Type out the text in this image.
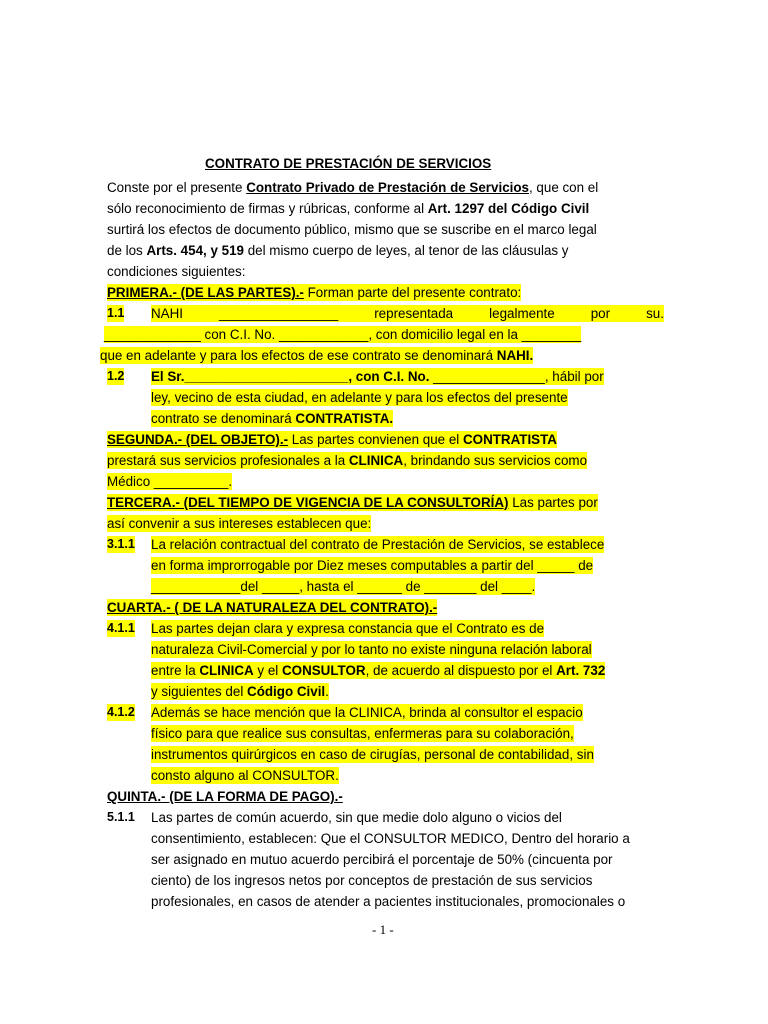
CONTRATO DE PRESTACIÓN DE SERVICIOS
Conste por el presente Contrato Privado de Prestación de Servicios, que con el
sólo reconocimiento de firmas y rúbricas, conforme al Art. 1297 del Código Civil
surtirá los efectos de documento público, mismo que se suscribe en el marco legal
de los Arts. 454, y 519 del mismo cuerpo de leyes, al tenor de las cláusulas y
condiciones siguientes:
PRIMERA.- (DE LAS PARTES).- Forman parte del presente contrato:
1.1 NAHI	________________	representada	legalmente	por	su.
_____________ con C.I. No. ____________, con domicilio legal en la ________
que en adelante y para los efectos de ese contrato se denominará NAHI.
1.2 El Sr.______________________, con C.I. No. _______________, hábil por
ley, vecino de esta ciudad, en adelante y para los efectos del presente
contrato se denominará CONTRATISTA.
SEGUNDA.- (DEL OBJETO).- Las partes convienen que el CONTRATISTA
prestará sus servicios profesionales a la CLINICA, brindando sus servicios como
Médico __________.
TERCERA.- (DEL TIEMPO DE VIGENCIA DE LA CONSULTORÍA) Las partes por
así convenir a sus intereses establecen que:
3.1.1 La relación contractual del contrato de Prestación de Servicios, se establece
en forma improrrogable por Diez meses computables a partir del _____ de
____________del _____, hasta el ______ de _______ del ____.
CUARTA.- ( DE LA NATURALEZA DEL CONTRATO).-
4.1.1 Las partes dejan clara y expresa constancia que el Contrato es de
naturaleza Civil-Comercial y por lo tanto no existe ninguna relación laboral
entre la CLINICA y el CONSULTOR, de acuerdo al dispuesto por el Art. 732
y siguientes del Código Civil.
4.1.2 Además se hace mención que la CLINICA, brinda al consultor el espacio
físico para que realice sus consultas, enfermeras para su colaboración,
instrumentos quirúrgicos en caso de cirugías, personal de contabilidad, sin
consto alguno al CONSULTOR.
QUINTA.- (DE LA FORMA DE PAGO).-
5.1.1 Las partes de común acuerdo, sin que medie dolo alguno o vicios del
consentimiento, establecen: Que el CONSULTOR MEDICO, Dentro del horario a
ser asignado en mutuo acuerdo percibirá el porcentaje de 50% (cincuenta por
ciento) de los ingresos netos por conceptos de prestación de sus servicios
profesionales, en casos de atender a pacientes institucionales, promocionales o

- 1 -
